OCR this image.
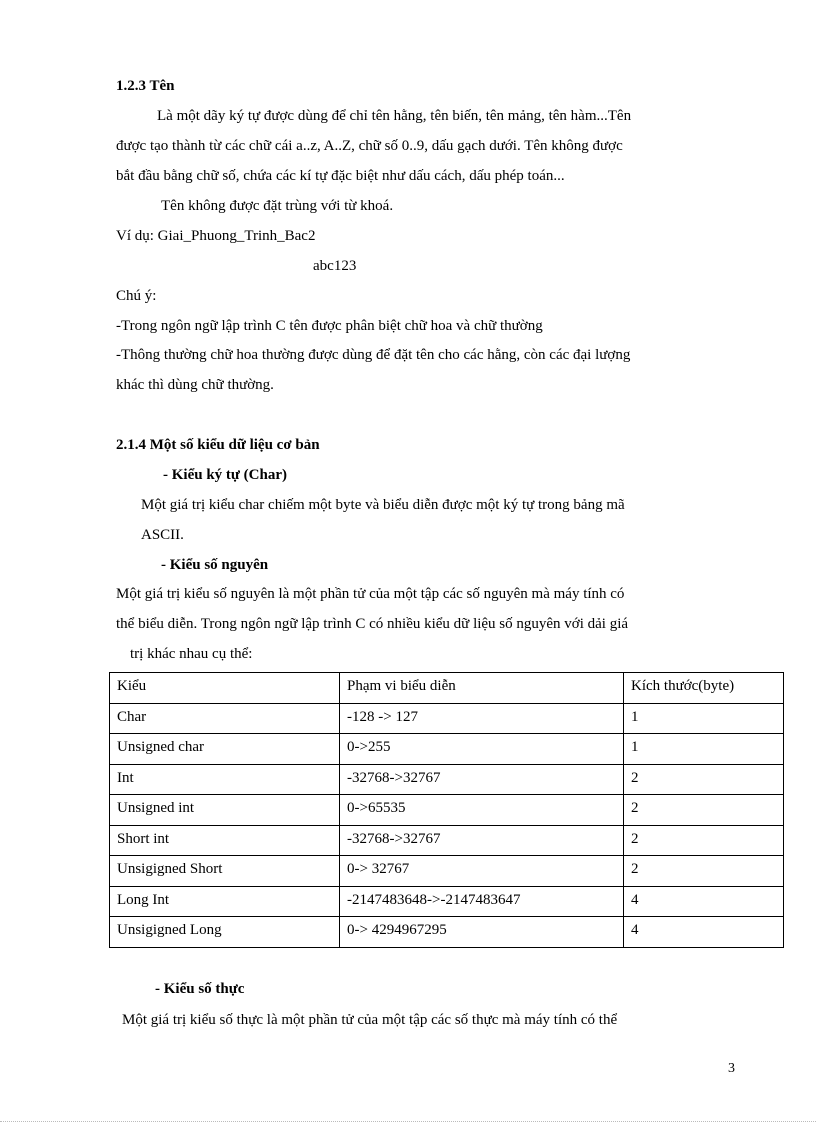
1.2.3 Tên
Là một dãy ký tự được dùng để chỉ tên hằng, tên biến, tên mảng, tên hàm...Tên
được tạo thành từ các chữ cái a..z, A..Z, chữ số 0..9, dấu gạch dưới. Tên không được
bắt đầu bằng chữ số, chứa các kí tự đặc biệt như dấu cách, dấu phép toán...
Tên không được đặt trùng với từ khoá.
Ví dụ: Giai_Phuong_Trinh_Bac2
abc123
Chú ý:
-Trong ngôn ngữ lập trình C tên được phân biệt chữ hoa và chữ thường
-Thông thường chữ hoa thường được dùng để đặt tên cho các hằng, còn các đại lượng
khác thì dùng chữ thường.
2.1.4 Một số kiểu dữ liệu cơ bản
- Kiểu ký tự (Char)
Một giá trị kiểu char chiếm một byte và biểu diễn được một ký tự trong bảng mã
ASCII.
- Kiểu số nguyên
Một giá trị kiểu số nguyên là một phần tử của một tập các số nguyên mà máy tính có
thể biểu diễn. Trong ngôn ngữ lập trình C có nhiều kiểu dữ liệu số nguyên với dải giá
trị khác nhau cụ thể:
Kiểu	Phạm vi biểu diễn	Kích thước(byte)
Char	-128 -> 127	1
Unsigned char	0->255	1
Int	-32768->32767	2
Unsigned int	0->65535	2
Short int	-32768->32767	2
Unsigigned Short	0-> 32767	2
Long Int	-2147483648->-2147483647	4
Unsigigned Long	0-> 4294967295	4
- Kiểu số thực
Một giá trị kiểu số thực là một phần tử của một tập các số thực mà máy tính có thể
3
